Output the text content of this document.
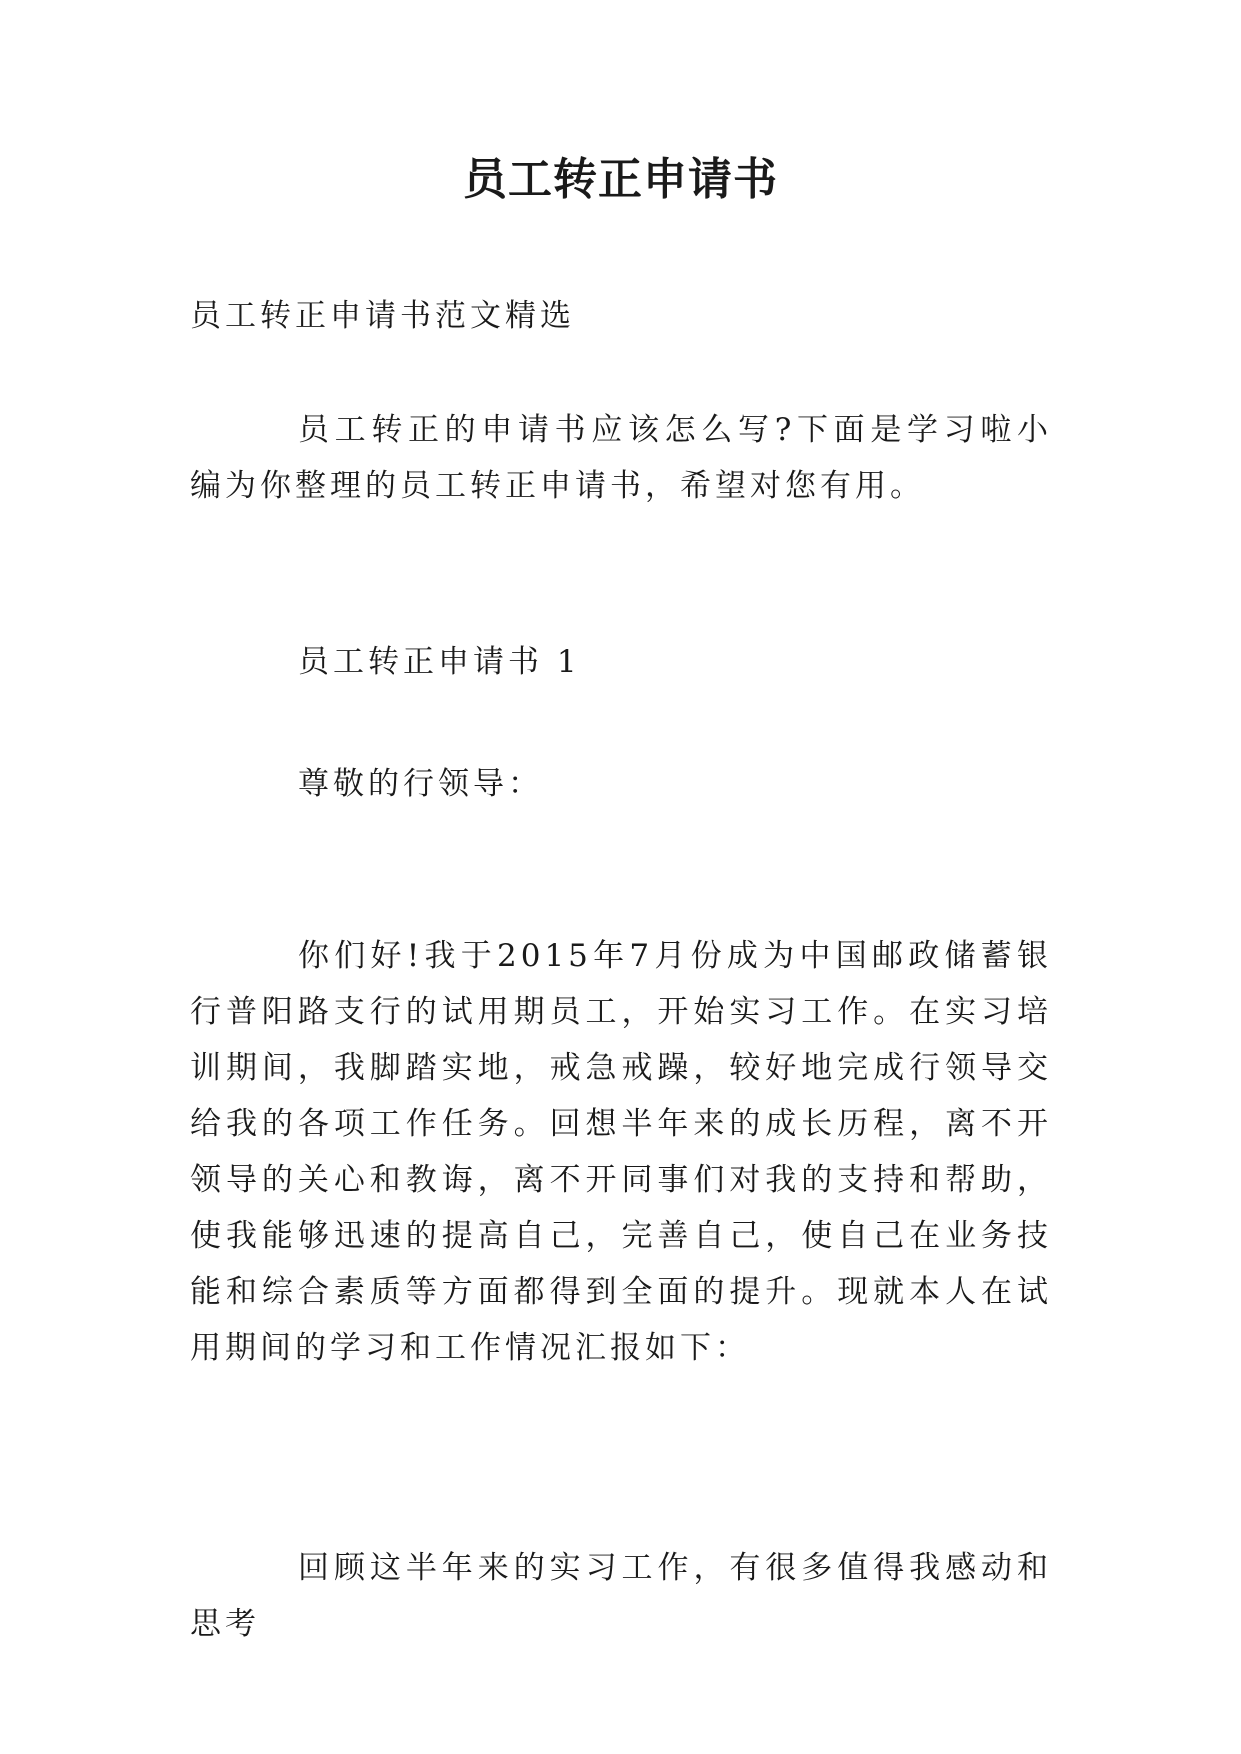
员工转正申请书

员工转正申请书范文精选

员工转正的申请书应该怎么写?下面是学习啦小编为你整理的员工转正申请书，希望对您有用。

员工转正申请书 1

尊敬的行领导：

你们好!我于2015年7月份成为中国邮政储蓄银行普阳路支行的试用期员工，开始实习工作。在实习培训期间，我脚踏实地，戒急戒躁，较好地完成行领导交给我的各项工作任务。回想半年来的成长历程，离不开领导的关心和教诲，离不开同事们对我的支持和帮助，使我能够迅速的提高自己，完善自己，使自己在业务技能和综合素质等方面都得到全面的提升。现就本人在试用期间的学习和工作情况汇报如下：

回顾这半年来的实习工作，有很多值得我感动和思考
